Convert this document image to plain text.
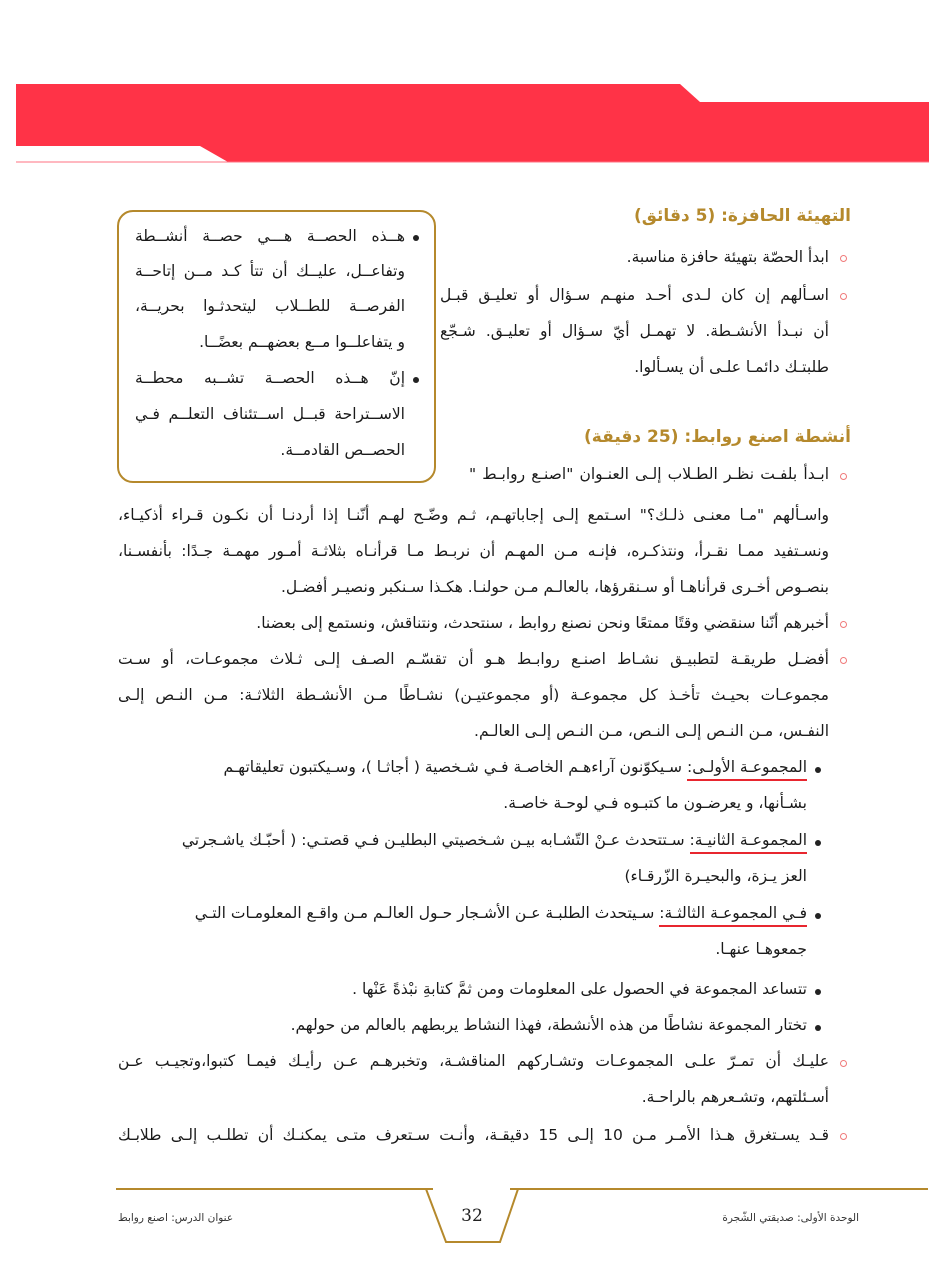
التهيئة الحافزة: (5 دقائق)
ابدأ الحصّة بتهيئة حافزة مناسبة.
اسـأل‍هم إن كان لـدى أحـد منهـم سـؤال أو تعليـق قبـل
أن نبـدأ الأنشـطة. لا تهمـل أيّ سـؤال أو تعليـق. شـجّع
طلبتـك دائمـا علـى أن يسـألوا.
هــذه الحصــة هـــي حصــة أنشــطة
وتفاعــل، عليــك أن تتأ كـد مــن إتاحــة
الفرصــة للطــلاب ليتحدثـوا بحريــة،
و يتفاعلــوا مــع بعضهــم بعضًــا.
إنّ هــذه الحصــة تشــبه محطــة
الاســتراحة قبــل اســتئناف التعلــم فـي
الحصــص القادمــة.
أنشطة اصنع روابط: (25 دقيقة)
ابـدأ بلفـت نظـر الطـلاب إلـى العنـوان "اصنـع روابـط "
واسـأل‍هم "مـا معنـى ذلـك؟" اسـتمع إلـى إجاباتهـم، ثـم وضّـح لهـم أنّنـا إذا أردنـا أن نكـون قـراء أذكيـاء،
ونسـتفيد ممـا نقـرأ، ونتذكـره، فإنـه مـن المهـم أن نربـط مـا قرأنـاه بثلاثـة أمـور مهمـة جـدًا: بأنفسـنا،
بنصـوص أخـرى قرأناهـا أو سـنقرؤها، بالعالـم مـن حولنـا. هكـذا سـنكبر ونصيـر أفضـل.
أخبرهم أنّنا سنقضي وقتًا ممتعًا ونحن نصنع روابط ، سنتحدث، ونتناقش، ونستمع إلى بعضنا.
أفضـل طريقـة لتطبيـق نشـاط اصنـع روابـط هـو أن تقسّـم الصـف إلـى ثـلاث مجموعـات، أو سـت
مجموعـات بحيـث تأخـذ كل مجموعـة (أو مجموعتيـن) نشـاطًا مـن الأنشـطة الثلاثـة: مـن النـص إلـى
النفـس، مـن النـص إلـى النـص، مـن النـص إلـى العالـم.
المجموعـة الأولـى: سـيكوّنون آراءهـم الخاصـة فـي شـخصية ( أجاثـا )، وسـيكتبون تعليقاتهـم
بشـأنها، و يعرضـون ما كتبـوه فـي لوحـة خاصـة.
المجموعـة الثانيـة: سـتتحدث عـنْ التّشـابه بيـن شـخصيتي البطليـن فـي قصتـي: ( أحبّـك ياشـجرتي
العز يـزة، والبحيـرة الزّرقـاء)
فـي المجموعـة الثالثـة: سـيتحدث الطلبـة عـن الأشـجار حـول العالـم مـن واقـع المعلومـات التـي
جمعوهـا عنهـا.
تتساعد المجموعة في الحصول على المعلومات ومن ثمَّ كتابةِ نبْذةً عَنْها .
تختار المجموعة نشاطًا من هذه الأنشطة، فهذا النشاط يربطهم بالعالم من حولهم.
عليـك أن تمـرّ علـى المجموعـات وتشـاركهم المناقشـة، وتخبرهـم عـن رأيـك فيمـا كتبوا،وتجيـب عـن
أسـئلتهم، وتشـعرهم بالراحـة.
قـد يسـتغرق هـذا الأمـر مـن 10 إلـى 15 دقيقـة، وأنـت سـتعرف متـى يمكنـك أن تطلـب إلـى طلابـك
الوحدة الأولى: صديقتي الشّجرة
32
عنوان الدرس: اصنع روابط
